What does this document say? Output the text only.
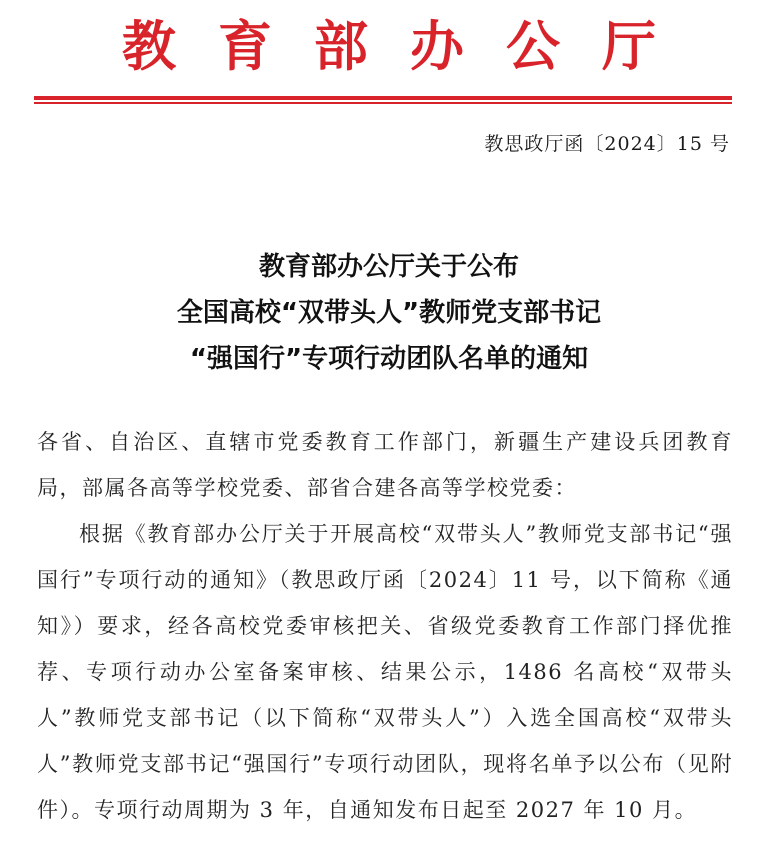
教育部办公厅
教思政厅函〔2024〕15 号
教育部办公厅关于公布
全国高校“双带头人”教师党支部书记
“强国行”专项行动团队名单的通知

各省、自治区、直辖市党委教育工作部门，新疆生产建设兵团教育局，部属各高等学校党委、部省合建各高等学校党委：

根据《教育部办公厅关于开展高校“双带头人”教师党支部书记“强国行”专项行动的通知》（教思政厅函〔2024〕11 号，以下简称《通知》）要求，经各高校党委审核把关、省级党委教育工作部门择优推荐、专项行动办公室备案审核、结果公示，1486 名高校“双带头人”教师党支部书记（以下简称“双带头人”）入选全国高校“双带头人”教师党支部书记“强国行”专项行动团队，现将名单予以公布（见附件）。专项行动周期为 3 年，自通知发布日起至 2027 年 10 月。
